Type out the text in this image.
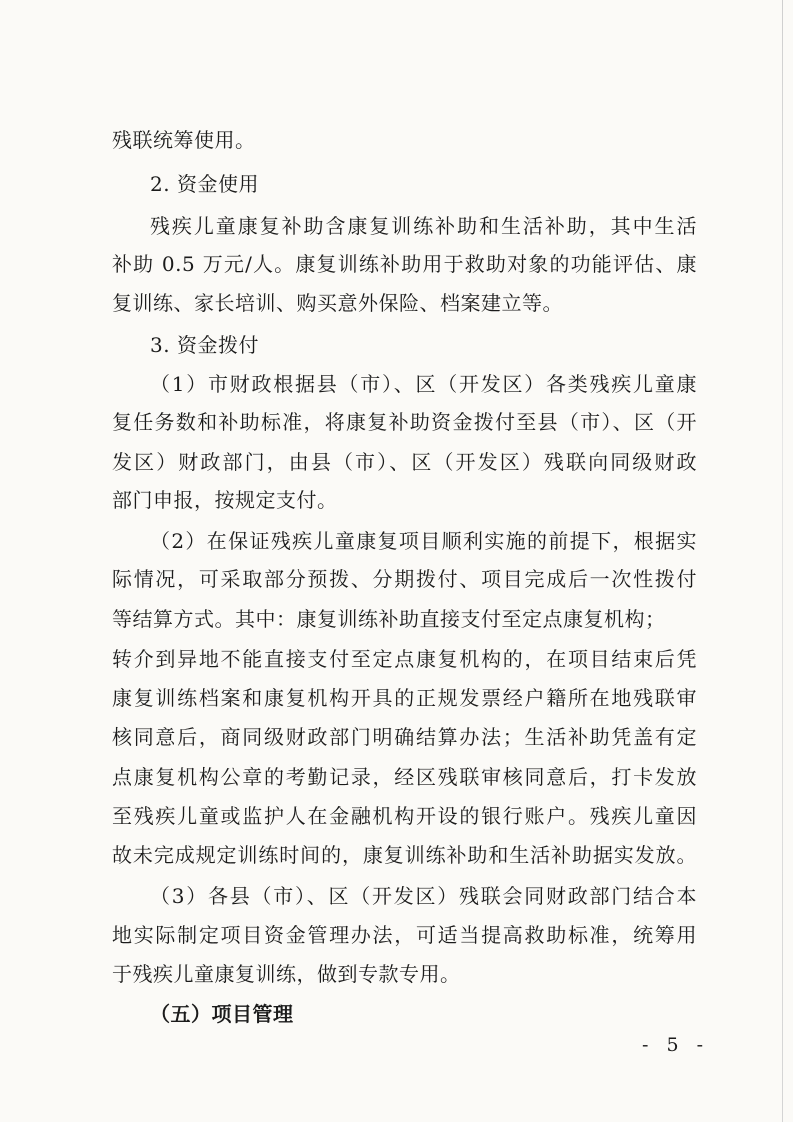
残联统筹使用。
2. 资金使用
残疾儿童康复补助含康复训练补助和生活补助，其中生活
补助 0.5 万元/人。康复训练补助用于救助对象的功能评估、康
复训练、家长培训、购买意外保险、档案建立等。
3. 资金拨付
（1）市财政根据县（市）、区（开发区）各类残疾儿童康
复任务数和补助标准，将康复补助资金拨付至县（市）、区（开
发区）财政部门，由县（市）、区（开发区）残联向同级财政
部门申报，按规定支付。
（2）在保证残疾儿童康复项目顺利实施的前提下，根据实
际情况，可采取部分预拨、分期拨付、项目完成后一次性拨付
等结算方式。其中：康复训练补助直接支付至定点康复机构；
转介到异地不能直接支付至定点康复机构的，在项目结束后凭
康复训练档案和康复机构开具的正规发票经户籍所在地残联审
核同意后，商同级财政部门明确结算办法；生活补助凭盖有定
点康复机构公章的考勤记录，经区残联审核同意后，打卡发放
至残疾儿童或监护人在金融机构开设的银行账户。残疾儿童因
故未完成规定训练时间的，康复训练补助和生活补助据实发放。
（3）各县（市）、区（开发区）残联会同财政部门结合本
地实际制定项目资金管理办法，可适当提高救助标准，统筹用
于残疾儿童康复训练，做到专款专用。
（五）项目管理
- 5 -
